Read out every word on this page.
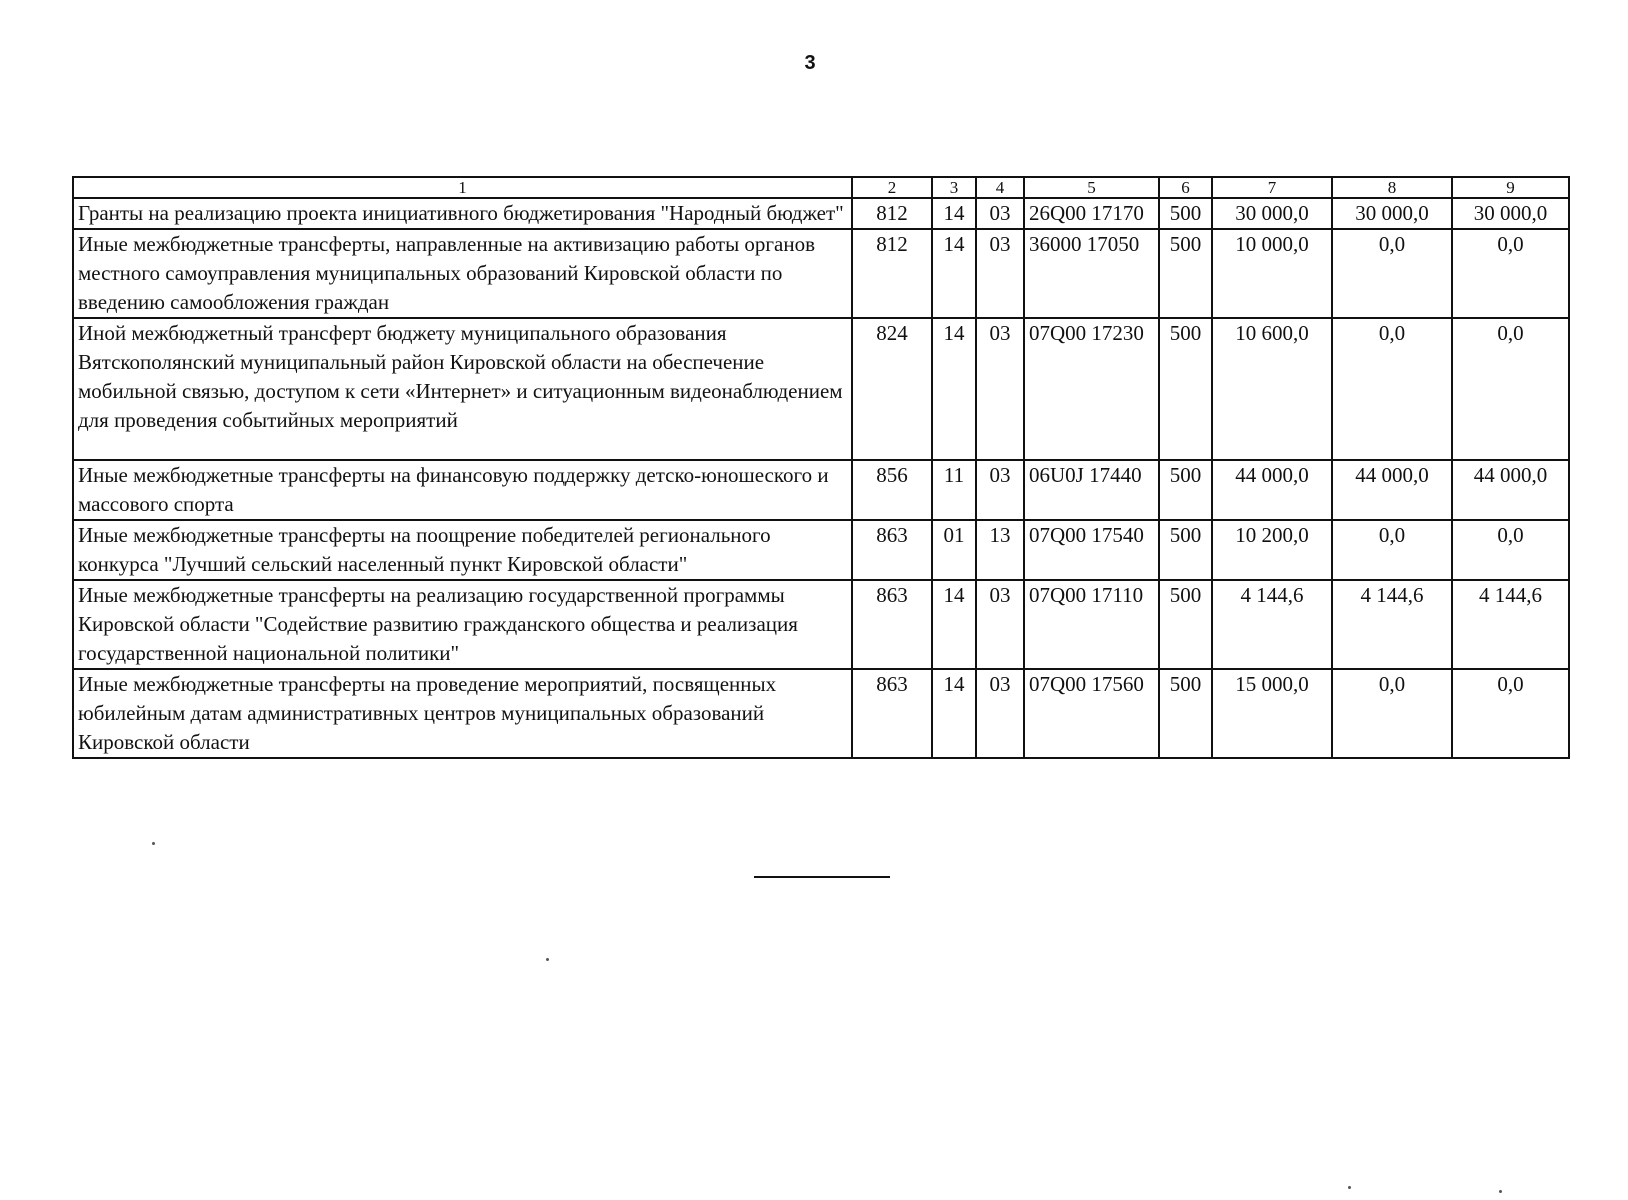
3
1	2	3	4	5	6	7	8	9
Гранты на реализацию проекта инициативного бюджетирования "Народный бюджет"	812	14	03	26Q00 17170	500	30 000,0	30 000,0	30 000,0
Иные межбюджетные трансферты, направленные на активизацию работы органов местного самоуправления муниципальных образований Кировской области по введению самообложения граждан	812	14	03	36000 17050	500	10 000,0	0,0	0,0
Иной межбюджетный трансферт бюджету муниципального образования Вятскополянский муниципальный район Кировской области на обеспечение мобильной связью, доступом к сети «Интернет» и ситуационным видеонаблюдением для проведения событийных мероприятий	824	14	03	07Q00 17230	500	10 600,0	0,0	0,0
Иные межбюджетные трансферты на финансовую поддержку детско-юношеского и массового спорта	856	11	03	06U0J 17440	500	44 000,0	44 000,0	44 000,0
Иные межбюджетные трансферты на поощрение победителей регионального конкурса "Лучший сельский населенный пункт Кировской области"	863	01	13	07Q00 17540	500	10 200,0	0,0	0,0
Иные межбюджетные трансферты на реализацию государственной программы Кировской области "Содействие развитию гражданского общества и реализация государственной национальной политики"	863	14	03	07Q00 17110	500	4 144,6	4 144,6	4 144,6
Иные межбюджетные трансферты на проведение мероприятий, посвященных юбилейным датам административных центров муниципальных образований Кировской области	863	14	03	07Q00 17560	500	15 000,0	0,0	0,0
